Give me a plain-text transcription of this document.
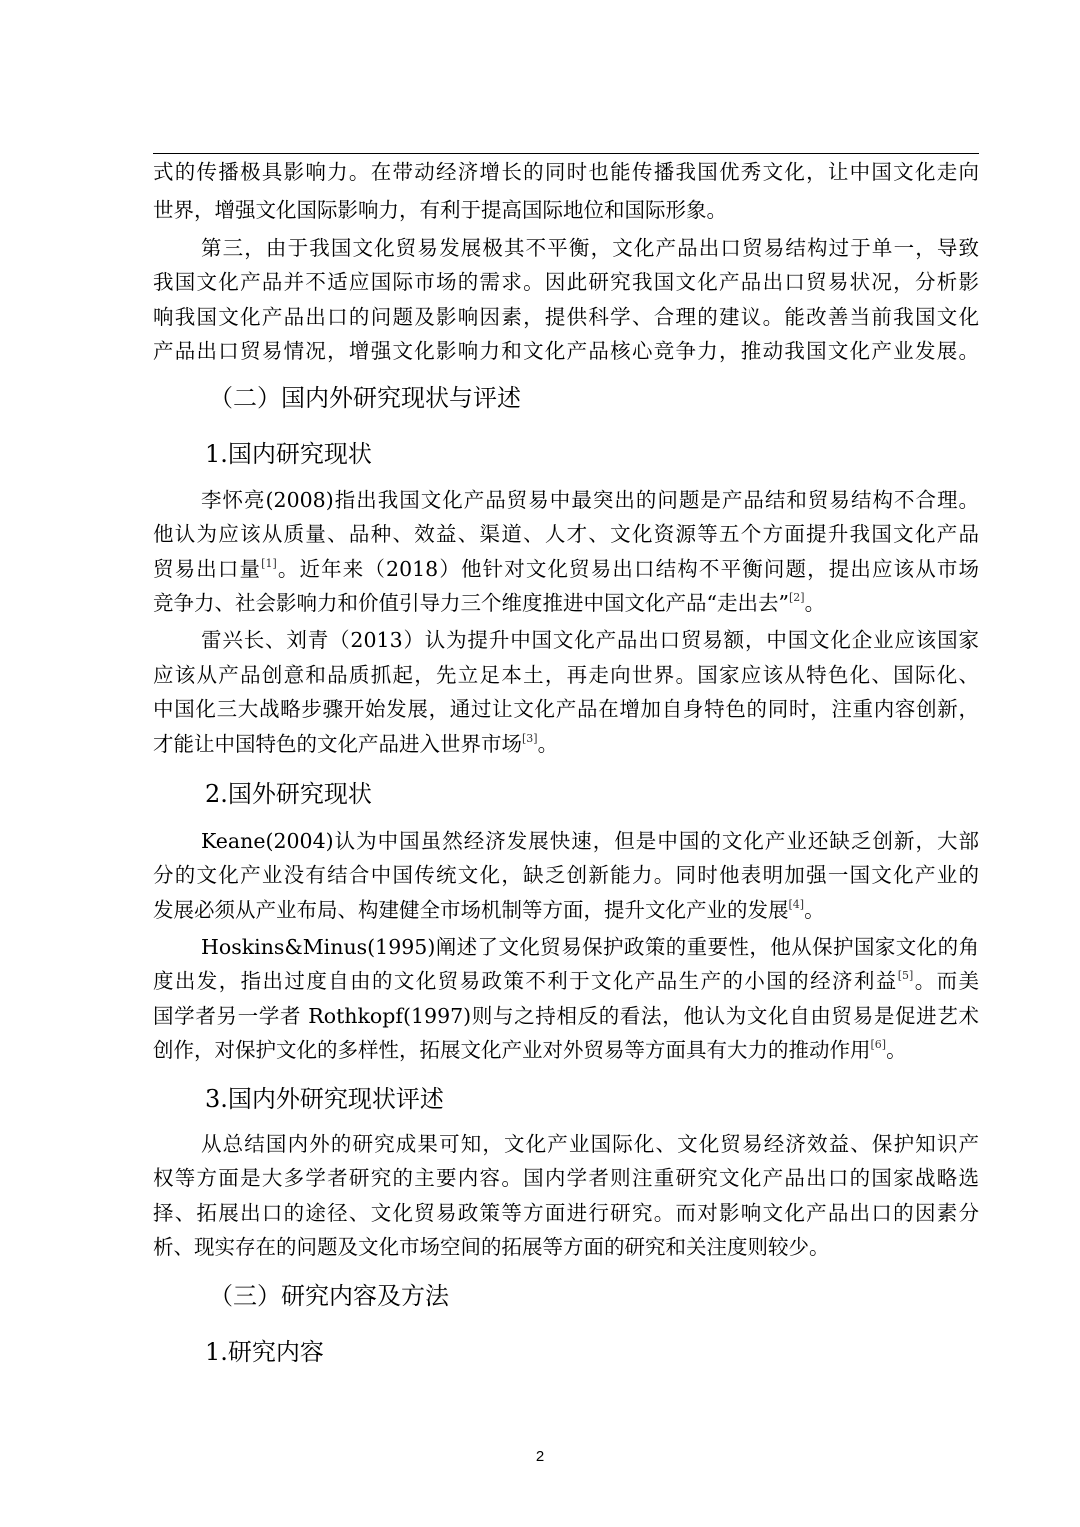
式的传播极具影响力。在带动经济增长的同时也能传播我国优秀文化，让中国文化走向
世界，增强文化国际影响力，有利于提高国际地位和国际形象。
第三，由于我国文化贸易发展极其不平衡，文化产品出口贸易结构过于单一，导致
我国文化产品并不适应国际市场的需求。因此研究我国文化产品出口贸易状况，分析影
响我国文化产品出口的问题及影响因素，提供科学、合理的建议。能改善当前我国文化
产品出口贸易情况，增强文化影响力和文化产品核心竞争力，推动我国文化产业发展。
（二）国内外研究现状与评述
1.国内研究现状
李怀亮(2008)指出我国文化产品贸易中最突出的问题是产品结和贸易结构不合理。
他认为应该从质量、品种、效益、渠道、人才、文化资源等五个方面提升我国文化产品
贸易出口量[1]。近年来（2018）他针对文化贸易出口结构不平衡问题，提出应该从市场
竞争力、社会影响力和价值引导力三个维度推进中国文化产品“走出去”[2]。
雷兴长、刘青（2013）认为提升中国文化产品出口贸易额，中国文化企业应该国家
应该从产品创意和品质抓起，先立足本土，再走向世界。国家应该从特色化、国际化、
中国化三大战略步骤开始发展，通过让文化产品在增加自身特色的同时，注重内容创新，
才能让中国特色的文化产品进入世界市场[3]。
2.国外研究现状
Keane(2004)认为中国虽然经济发展快速，但是中国的文化产业还缺乏创新，大部
分的文化产业没有结合中国传统文化，缺乏创新能力。同时他表明加强一国文化产业的
发展必须从产业布局、构建健全市场机制等方面，提升文化产业的发展[4]。
Hoskins&Minus(1995)阐述了文化贸易保护政策的重要性，他从保护国家文化的角
度出发，指出过度自由的文化贸易政策不利于文化产品生产的小国的经济利益[5]。而美
国学者另一学者 Rothkopf(1997)则与之持相反的看法，他认为文化自由贸易是促进艺术
创作，对保护文化的多样性，拓展文化产业对外贸易等方面具有大力的推动作用[6]。
3.国内外研究现状评述
从总结国内外的研究成果可知，文化产业国际化、文化贸易经济效益、保护知识产
权等方面是大多学者研究的主要内容。国内学者则注重研究文化产品出口的国家战略选
择、拓展出口的途径、文化贸易政策等方面进行研究。而对影响文化产品出口的因素分
析、现实存在的问题及文化市场空间的拓展等方面的研究和关注度则较少。
（三）研究内容及方法
1.研究内容
2
